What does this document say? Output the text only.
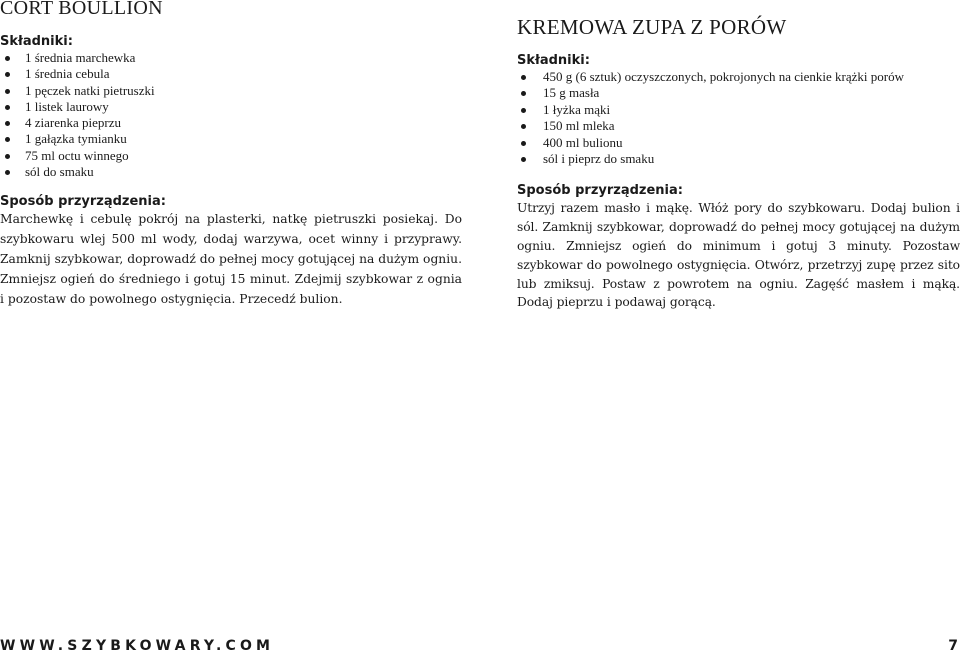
CORT BOULLION
Składniki:
1 średnia marchewka
1 średnia cebula
1 pęczek natki pietruszki
1 listek laurowy
4 ziarenka pieprzu
1 gałązka tymianku
75 ml octu winnego
sól do smaku
Sposób przyrządzenia:

Marchewkę i cebulę pokrój na plasterki, natkę pietruszki posiekaj. Do szybkowaru wlej 500 ml wody, dodaj warzywa, ocet winny i przyprawy. Zamknij szybkowar, doprowadź do pełnej mocy gotującej na dużym ogniu. Zmniejsz ogień do średniego i gotuj 15 minut. Zdejmij szybkowar z ognia i pozostaw do powolnego ostygnięcia. Przecedź bulion.

KREMOWA ZUPA Z PORÓW
Składniki:
450 g (6 sztuk) oczyszczonych, pokrojonych na cienkie krążki porów
15 g masła
1 łyżka mąki
150 ml mleka
400 ml bulionu
sól i pieprz do smaku
Sposób przyrządzenia:

Utrzyj razem masło i mąkę. Włóż pory do szybkowaru. Dodaj bulion i sól. Zamknij szybkowar, doprowadź do pełnej mocy gotującej na dużym ogniu. Zmniejsz ogień do minimum i gotuj 3 minuty. Pozostaw szybkowar do powolnego ostygnięcia. Otwórz, przetrzyj zupę przez sito lub zmiksuj. Postaw z powrotem na ogniu. Zagęść masłem i mąką. Dodaj pieprzu i podawaj gorącą.

WWW.SZYBKOWARY.COM	7
